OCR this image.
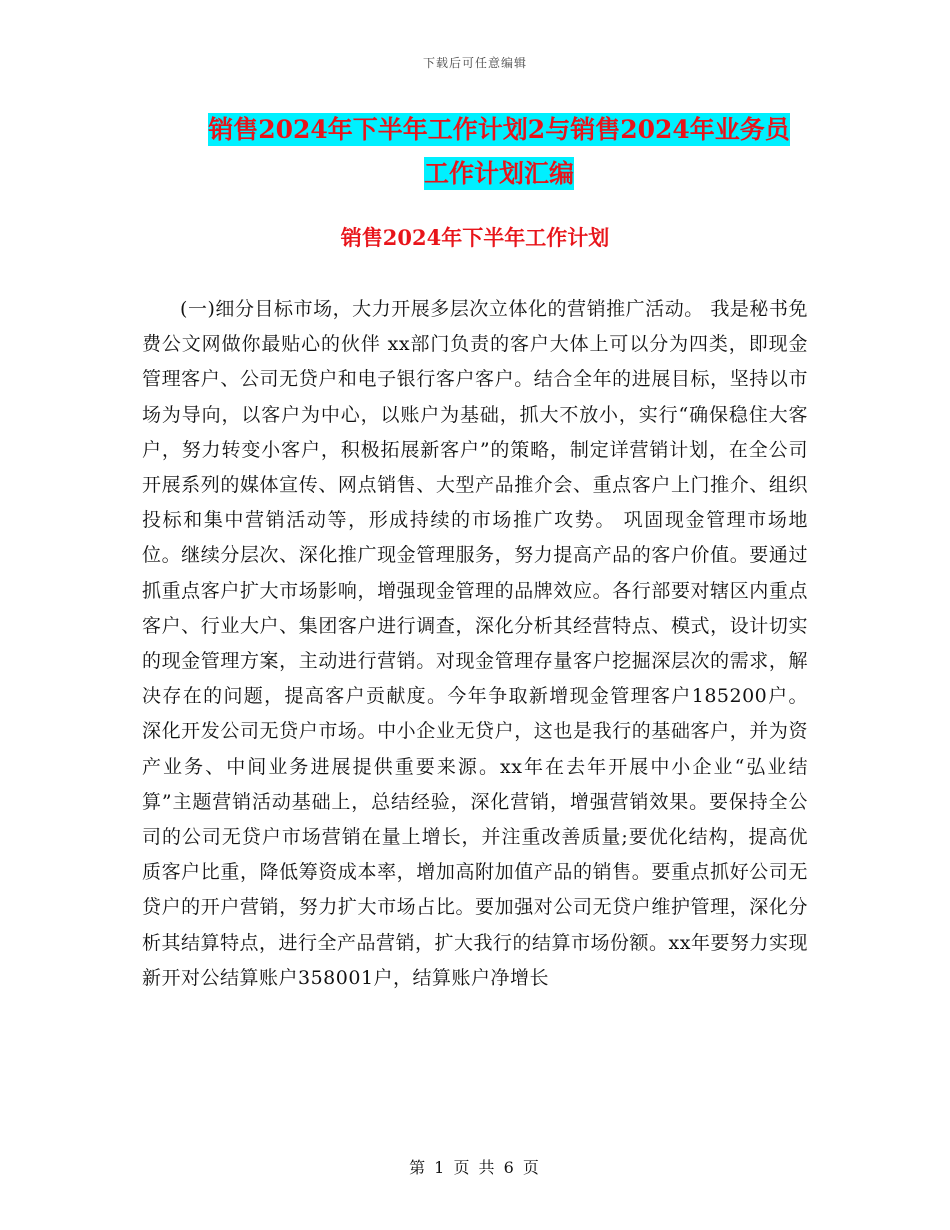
下载后可任意编辑
销售2024年下半年工作计划2与销售2024年业务员工作计划汇编
销售2024年下半年工作计划

(一)细分目标市场，大力开展多层次立体化的营销推广活动。 我是秘书免费公文网做你最贴心的伙伴 xx部门负责的客户大体上可以分为四类，即现金管理客户、公司无贷户和电子银行客户客户。结合全年的进展目标，坚持以市场为导向，以客户为中心，以账户为基础，抓大不放小，实行“确保稳住大客户，努力转变小客户，积极拓展新客户”的策略，制定详营销计划，在全公司开展系列的媒体宣传、网点销售、大型产品推介会、重点客户上门推介、组织投标和集中营销活动等，形成持续的市场推广攻势。 巩固现金管理市场地位。继续分层次、深化推广现金管理服务，努力提高产品的客户价值。要通过抓重点客户扩大市场影响，增强现金管理的品牌效应。各行部要对辖区内重点客户、行业大户、集团客户进行调查，深化分析其经营特点、模式，设计切实的现金管理方案，主动进行营销。对现金管理存量客户挖掘深层次的需求，解决存在的问题，提高客户贡献度。今年争取新增现金管理客户185200户。 深化开发公司无贷户市场。中小企业无贷户，这也是我行的基础客户，并为资产业务、中间业务进展提供重要来源。xx年在去年开展中小企业“弘业结算”主题营销活动基础上，总结经验，深化营销，增强营销效果。要保持全公司的公司无贷户市场营销在量上增长，并注重改善质量;要优化结构，提高优质客户比重，降低筹资成本率，增加高附加值产品的销售。要重点抓好公司无贷户的开户营销，努力扩大市场占比。要加强对公司无贷户维护管理，深化分析其结算特点，进行全产品营销，扩大我行的结算市场份额。xx年要努力实现新开对公结算账户358001户，结算账户净增长

第 1 页 共 6 页
